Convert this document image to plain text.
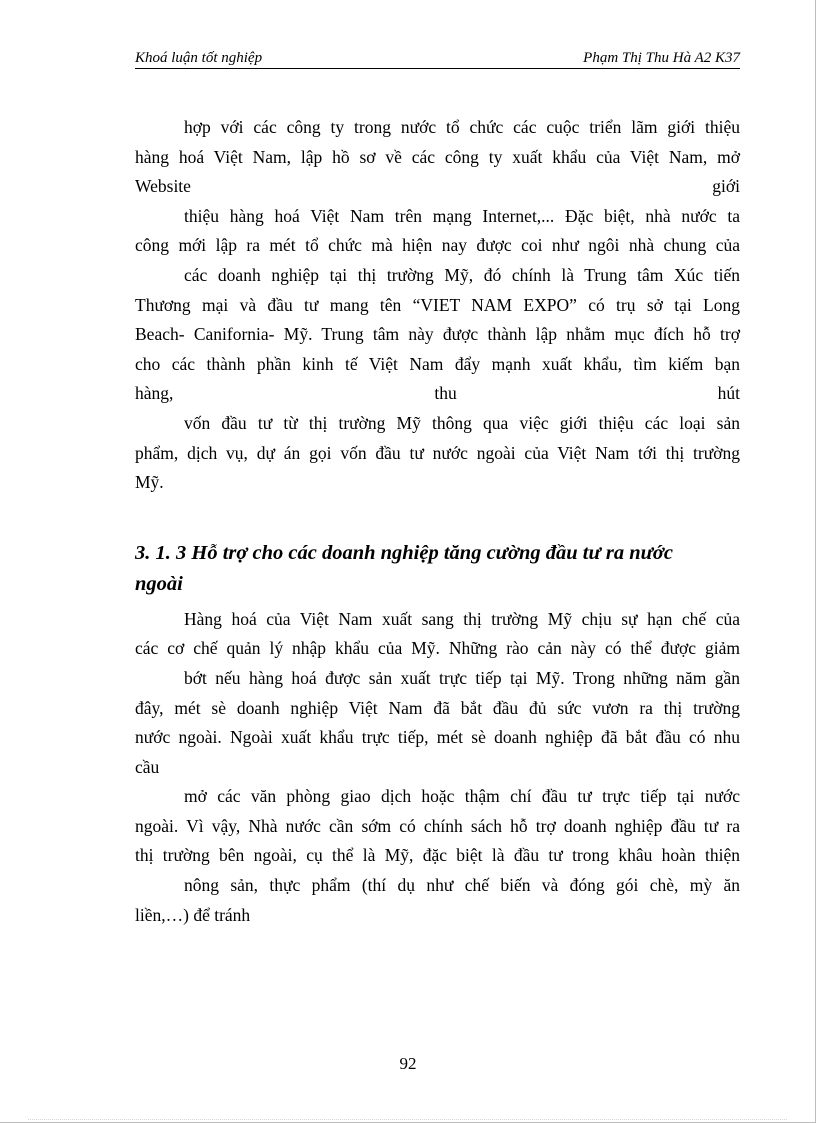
Khoá luận tốt nghiệp	Phạm Thị Thu Hà A2 K37
hợp với các công ty trong nước tổ chức các cuộc triển lãm giới thiệu
hàng hoá Việt Nam, lập hồ sơ về các công ty xuất khẩu của Việt Nam, mở
Website giới
thiệu hàng hoá Việt Nam trên mạng Internet,... Đặc biệt, nhà nước ta
công mới lập ra mét tổ chức mà hiện nay được coi như ngôi nhà chung của
các doanh nghiệp tại thị trường Mỹ, đó chính là Trung tâm Xúc tiến
Thương mại và đầu tư mang tên “VIET NAM EXPO” có trụ sở tại Long
Beach- Canifornia- Mỹ. Trung tâm này được thành lập nhằm mục đích hỗ trợ
cho các thành phần kinh tế Việt Nam đẩy mạnh xuất khẩu, tìm kiếm bạn
hàng, thu hút
vốn đầu tư từ thị trường Mỹ thông qua việc giới thiệu các loại sản
phẩm, dịch vụ, dự án gọi vốn đầu tư nước ngoài của Việt Nam tới thị trường
Mỹ.
3. 1. 3 Hỗ trợ cho các doanh nghiệp tăng cường đầu tư ra nước
ngoài
Hàng hoá của Việt Nam xuất sang thị trường Mỹ chịu sự hạn chế của
các cơ chế quản lý nhập khẩu của Mỹ. Những rào cản này có thể được giảm
bớt nếu hàng hoá được sản xuất trực tiếp tại Mỹ. Trong những năm gần
đây, mét sè doanh nghiệp Việt Nam đã bắt đầu đủ sức vươn ra thị trường
nước ngoài. Ngoài xuất khẩu trực tiếp, mét sè doanh nghiệp đã bắt đầu có nhu
cầu
mở các văn phòng giao dịch hoặc thậm chí đầu tư trực tiếp tại nước
ngoài. Vì vậy, Nhà nước cần sớm có chính sách hỗ trợ doanh nghiệp đầu tư ra
thị trường bên ngoài, cụ thể là Mỹ, đặc biệt là đầu tư trong khâu hoàn thiện
nông sản, thực phẩm (thí dụ như chế biến và đóng gói chè, mỳ ăn
liền,…) để tránh
92
